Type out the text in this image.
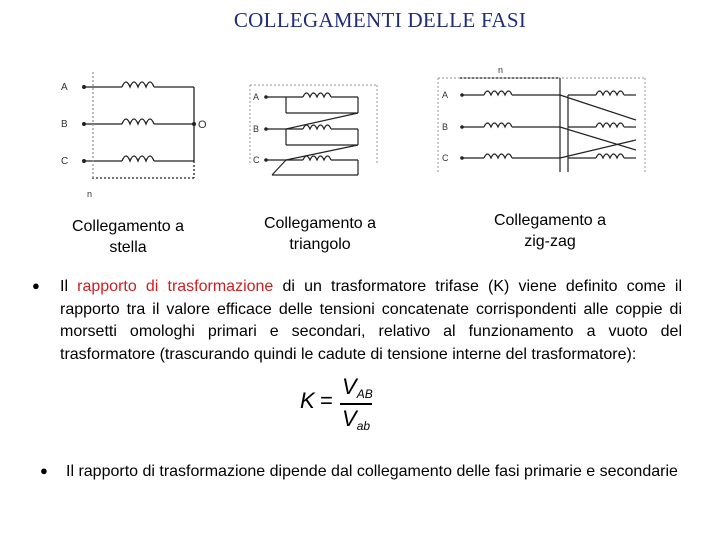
COLLEGAMENTI DELLE FASI
A
B
C
O
n
A
B
C
A
B
C
n
Collegamento a stella
Collegamento a triangolo
Collegamento a zig-zag
● Il rapporto di trasformazione di un trasformatore trifase (K) viene definito come il rapporto tra il valore efficace delle tensioni concatenate corrispondenti alle coppie di morsetti omologhi primari e secondari, relativo al funzionamento a vuoto del trasformatore (trascurando quindi le cadute di tensione interne del trasformatore):
K =
$V_{AB}$
$V_{ab}$
● Il rapporto di trasformazione dipende dal collegamento delle fasi primarie e secondarie
